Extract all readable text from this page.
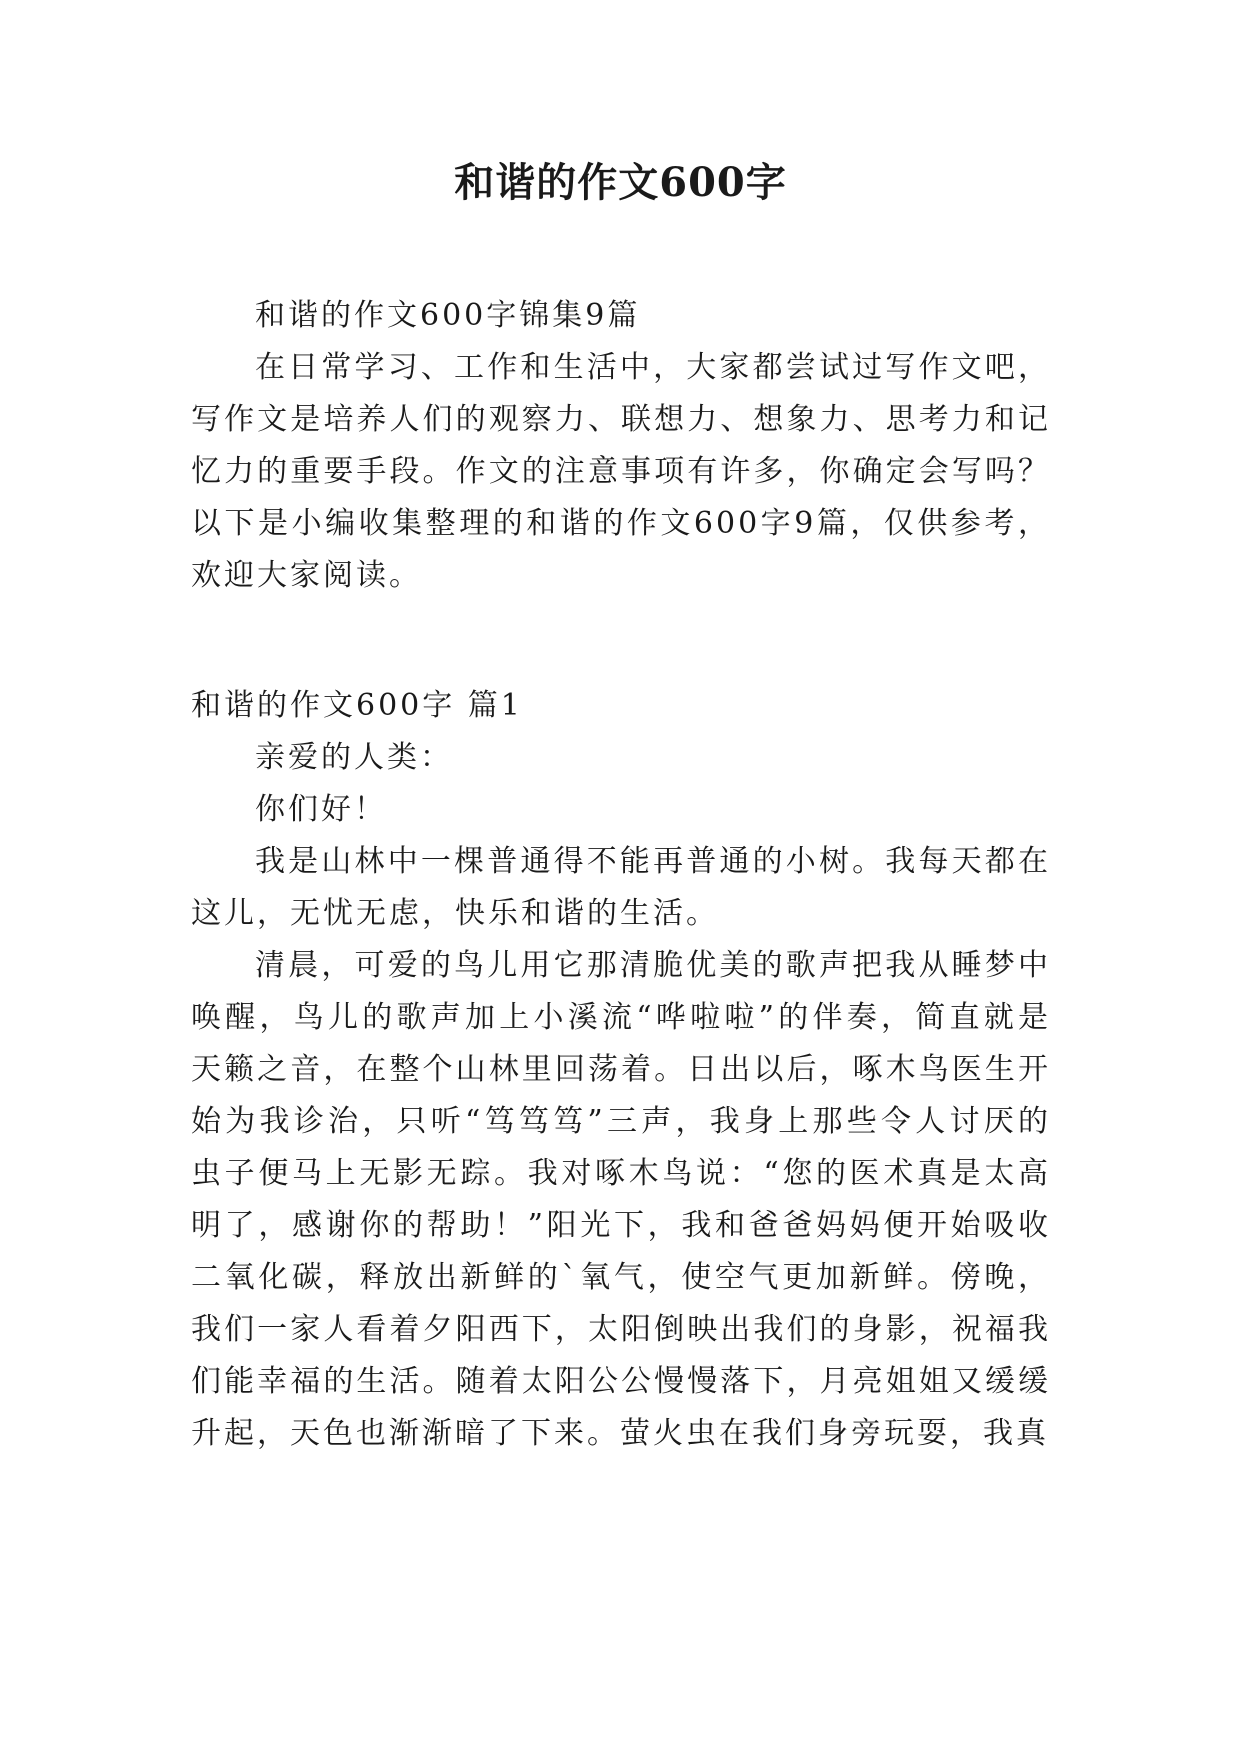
和谐的作文600字

和谐的作文600字锦集9篇

在日常学习、工作和生活中，大家都尝试过写作文吧，写作文是培养人们的观察力、联想力、想象力、思考力和记忆力的重要手段。作文的注意事项有许多，你确定会写吗？以下是小编收集整理的和谐的作文600字9篇，仅供参考，欢迎大家阅读。

和谐的作文600字 篇1

亲爱的人类：

你们好！

我是山林中一棵普通得不能再普通的小树。我每天都在这儿，无忧无虑，快乐和谐的生活。

清晨，可爱的鸟儿用它那清脆优美的歌声把我从睡梦中唤醒，鸟儿的歌声加上小溪流“哗啦啦”的伴奏，简直就是天籁之音，在整个山林里回荡着。日出以后，啄木鸟医生开始为我诊治，只听“笃笃笃”三声，我身上那些令人讨厌的虫子便马上无影无踪。我对啄木鸟说：“您的医术真是太高明了，感谢你的帮助！”阳光下，我和爸爸妈妈便开始吸收二氧化碳，释放出新鲜的`氧气，使空气更加新鲜。傍晚，我们一家人看着夕阳西下，太阳倒映出我们的身影，祝福我们能幸福的生活。随着太阳公公慢慢落下，月亮姐姐又缓缓升起，天色也渐渐暗了下来。萤火虫在我们身旁玩耍，我真
